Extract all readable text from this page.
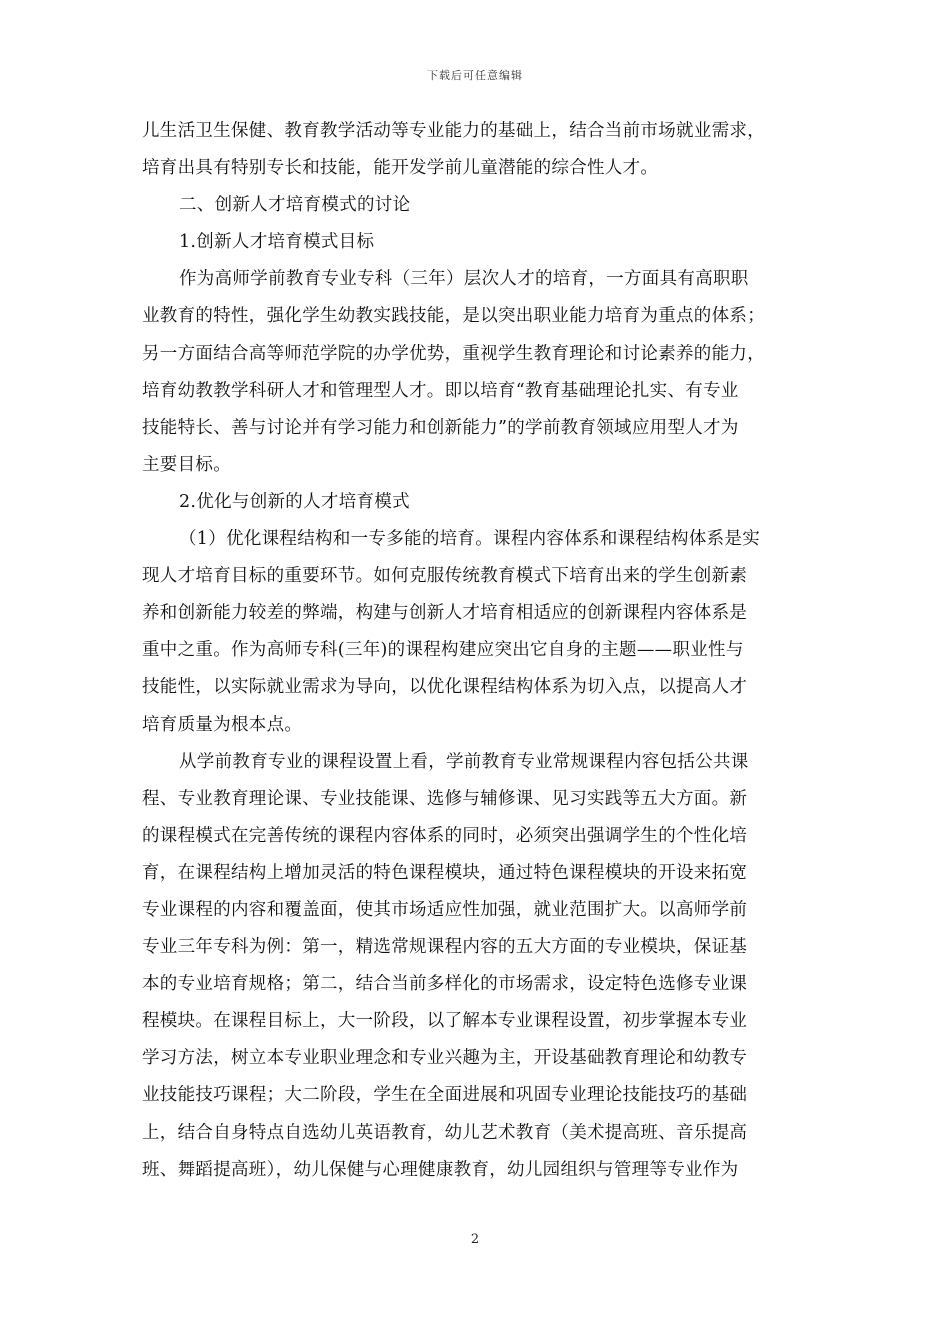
下载后可任意编辑
儿生活卫生保健、教育教学活动等专业能力的基础上，结合当前市场就业需求，
培育出具有特别专长和技能，能开发学前儿童潜能的综合性人才。
二、创新人才培育模式的讨论
1.创新人才培育模式目标
作为高师学前教育专业专科（三年）层次人才的培育，一方面具有高职职
业教育的特性，强化学生幼教实践技能，是以突出职业能力培育为重点的体系；
另一方面结合高等师范学院的办学优势，重视学生教育理论和讨论素养的能力，
培育幼教教学科研人才和管理型人才。即以培育“教育基础理论扎实、有专业
技能特长、善与讨论并有学习能力和创新能力”的学前教育领域应用型人才为
主要目标。
2.优化与创新的人才培育模式
（1）优化课程结构和一专多能的培育。课程内容体系和课程结构体系是实
现人才培育目标的重要环节。如何克服传统教育模式下培育出来的学生创新素
养和创新能力较差的弊端，构建与创新人才培育相适应的创新课程内容体系是
重中之重。作为高师专科(三年)的课程构建应突出它自身的主题——职业性与
技能性，以实际就业需求为导向，以优化课程结构体系为切入点，以提高人才
培育质量为根本点。
从学前教育专业的课程设置上看，学前教育专业常规课程内容包括公共课
程、专业教育理论课、专业技能课、选修与辅修课、见习实践等五大方面。新
的课程模式在完善传统的课程内容体系的同时，必须突出强调学生的个性化培
育，在课程结构上增加灵活的特色课程模块，通过特色课程模块的开设来拓宽
专业课程的内容和覆盖面，使其市场适应性加强，就业范围扩大。以高师学前
专业三年专科为例：第一，精选常规课程内容的五大方面的专业模块，保证基
本的专业培育规格；第二，结合当前多样化的市场需求，设定特色选修专业课
程模块。在课程目标上，大一阶段，以了解本专业课程设置，初步掌握本专业
学习方法，树立本专业职业理念和专业兴趣为主，开设基础教育理论和幼教专
业技能技巧课程；大二阶段，学生在全面进展和巩固专业理论技能技巧的基础
上，结合自身特点自选幼儿英语教育，幼儿艺术教育（美术提高班、音乐提高
班、舞蹈提高班），幼儿保健与心理健康教育，幼儿园组织与管理等专业作为
2
